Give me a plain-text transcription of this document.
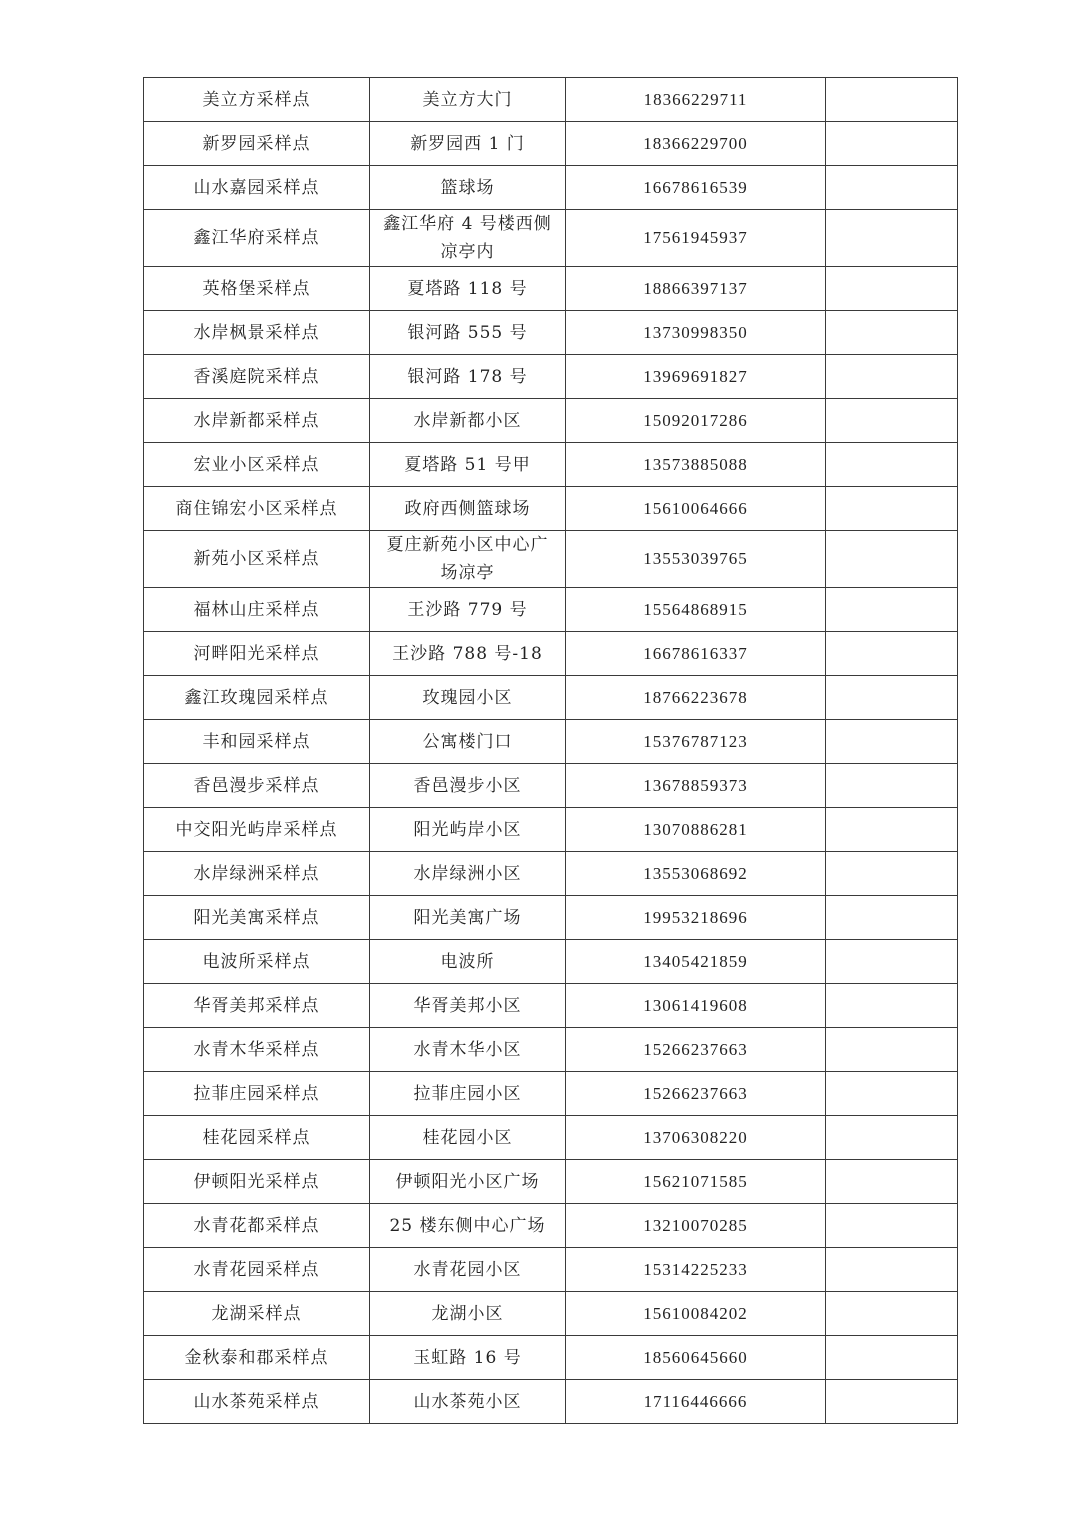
美立方采样点	美立方大门	18366229711	
新罗园采样点	新罗园西 1 门	18366229700	
山水嘉园采样点	篮球场	16678616539	
鑫江华府采样点	鑫江华府 4 号楼西侧凉亭内	17561945937	
英格堡采样点	夏塔路 118 号	18866397137	
水岸枫景采样点	银河路 555 号	13730998350	
香溪庭院采样点	银河路 178 号	13969691827	
水岸新都采样点	水岸新都小区	15092017286	
宏业小区采样点	夏塔路 51 号甲	13573885088	
商住锦宏小区采样点	政府西侧篮球场	15610064666	
新苑小区采样点	夏庄新苑小区中心广场凉亭	13553039765	
福林山庄采样点	王沙路 779 号	15564868915	
河畔阳光采样点	王沙路 788 号-18	16678616337	
鑫江玫瑰园采样点	玫瑰园小区	18766223678	
丰和园采样点	公寓楼门口	15376787123	
香邑漫步采样点	香邑漫步小区	13678859373	
中交阳光屿岸采样点	阳光屿岸小区	13070886281	
水岸绿洲采样点	水岸绿洲小区	13553068692	
阳光美寓采样点	阳光美寓广场	19953218696	
电波所采样点	电波所	13405421859	
华胥美邦采样点	华胥美邦小区	13061419608	
水青木华采样点	水青木华小区	15266237663	
拉菲庄园采样点	拉菲庄园小区	15266237663	
桂花园采样点	桂花园小区	13706308220	
伊顿阳光采样点	伊顿阳光小区广场	15621071585	
水青花都采样点	25 楼东侧中心广场	13210070285	
水青花园采样点	水青花园小区	15314225233	
龙湖采样点	龙湖小区	15610084202	
金秋泰和郡采样点	玉虹路 16 号	18560645660	
山水茶苑采样点	山水茶苑小区	17116446666	
